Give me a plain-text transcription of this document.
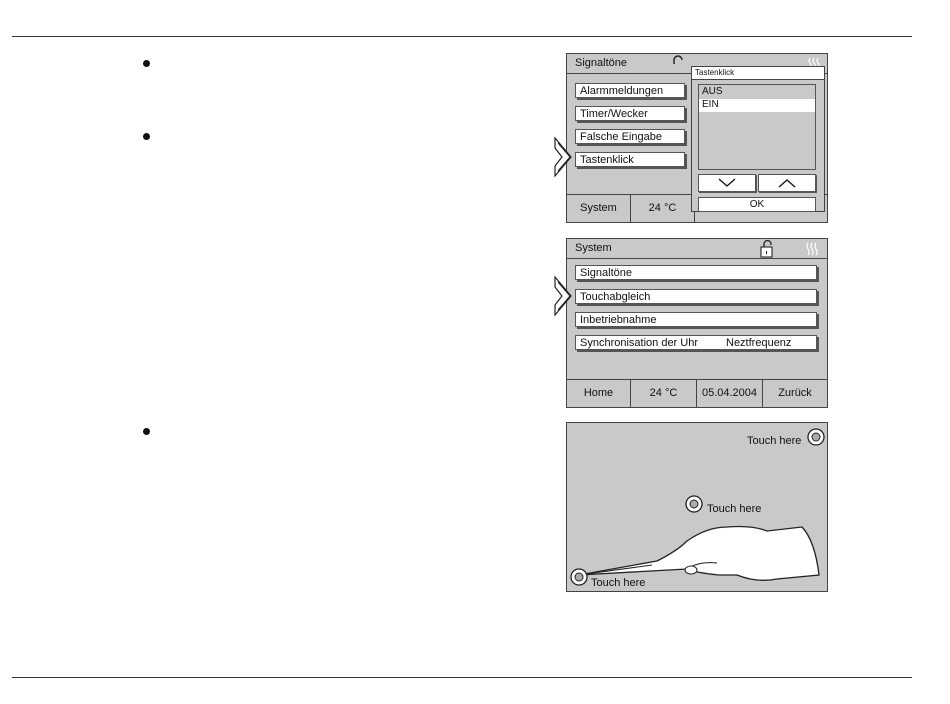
Signaltöne
Alarmmeldungen
Timer/Wecker
Falsche Eingabe
Tastenklick
System	24 °C
Tastenklick
AUS
EIN
OK
System
Signaltöne
Touchabgleich
Inbetriebnahme
Synchronisation der Uhr	Neztfrequenz
Home	24 °C	05.04.2004	Zurück
Touch here
Touch here
Touch here
